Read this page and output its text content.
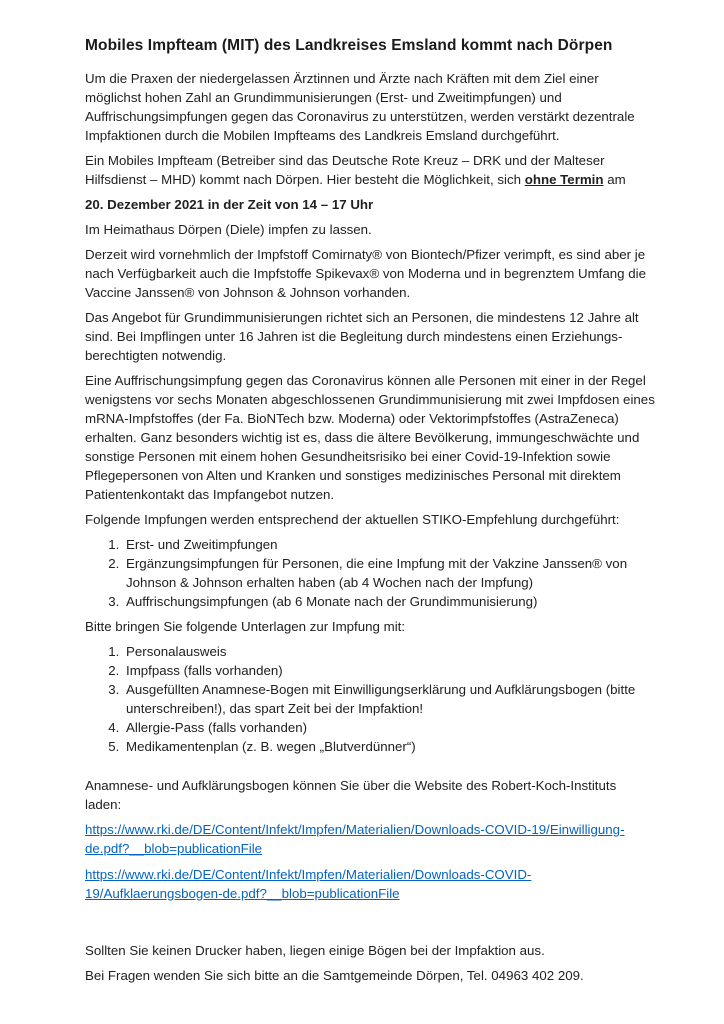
Mobiles Impfteam (MIT) des Landkreises Emsland kommt nach Dörpen

Um die Praxen der niedergelassen Ärztinnen und Ärzte nach Kräften mit dem Ziel einer möglichst hohen Zahl an Grundimmunisierungen (Erst- und Zweitimpfungen) und Auffrischungsimpfungen gegen das Coronavirus zu unterstützen, werden verstärkt dezentrale Impfaktionen durch die Mobilen Impfteams des Landkreis Emsland durchgeführt.

Ein Mobiles Impfteam (Betreiber sind das Deutsche Rote Kreuz – DRK und der Malteser Hilfsdienst – MHD) kommt nach Dörpen. Hier besteht die Möglichkeit, sich ohne Termin am

20. Dezember 2021 in der Zeit von 14 – 17 Uhr

Im Heimathaus Dörpen (Diele) impfen zu lassen.

Derzeit wird vornehmlich der Impfstoff Comirnaty® von Biontech/Pfizer verimpft, es sind aber je nach Verfügbarkeit auch die Impfstoffe Spikevax® von Moderna und in begrenztem Umfang die Vaccine Janssen® von Johnson & Johnson vorhanden.

Das Angebot für Grundimmunisierungen richtet sich an Personen, die mindestens 12 Jahre alt sind. Bei Impflingen unter 16 Jahren ist die Begleitung durch mindestens einen Erziehungs-berechtigten notwendig.

Eine Auffrischungsimpfung gegen das Coronavirus können alle Personen mit einer in der Regel wenigstens vor sechs Monaten abgeschlossenen Grundimmunisierung mit zwei Impfdosen eines mRNA-Impfstoffes (der Fa. BioNTech bzw. Moderna) oder Vektorimpfstoffes (AstraZeneca) erhalten. Ganz besonders wichtig ist es, dass die ältere Bevölkerung, immungeschwächte und sonstige Personen mit einem hohen Gesundheitsrisiko bei einer Covid-19-Infektion sowie Pflegepersonen von Alten und Kranken und sonstiges medizinisches Personal mit direktem Patientenkontakt das Impfangebot nutzen.

Folgende Impfungen werden entsprechend der aktuellen STIKO-Empfehlung durchgeführt:

1. Erst- und Zweitimpfungen
2. Ergänzungsimpfungen für Personen, die eine Impfung mit der Vakzine Janssen® von Johnson & Johnson erhalten haben (ab 4 Wochen nach der Impfung)
3. Auffrischungsimpfungen (ab 6 Monate nach der Grundimmunisierung)

Bitte bringen Sie folgende Unterlagen zur Impfung mit:

1. Personalausweis
2. Impfpass (falls vorhanden)
3. Ausgefüllten Anamnese-Bogen mit Einwilligungserklärung und Aufklärungsbogen (bitte unterschreiben!), das spart Zeit bei der Impfaktion!
4. Allergie-Pass (falls vorhanden)
5. Medikamentenplan (z. B. wegen „Blutverdünner“)

Anamnese- und Aufklärungsbogen können Sie über die Website des Robert-Koch-Instituts laden:

https://www.rki.de/DE/Content/Infekt/Impfen/Materialien/Downloads-COVID-19/Einwilligung-de.pdf?__blob=publicationFile

https://www.rki.de/DE/Content/Infekt/Impfen/Materialien/Downloads-COVID-19/Aufklaerungsbogen-de.pdf?__blob=publicationFile

Sollten Sie keinen Drucker haben, liegen einige Bögen bei der Impfaktion aus.

Bei Fragen wenden Sie sich bitte an die Samtgemeinde Dörpen, Tel. 04963 402 209.
